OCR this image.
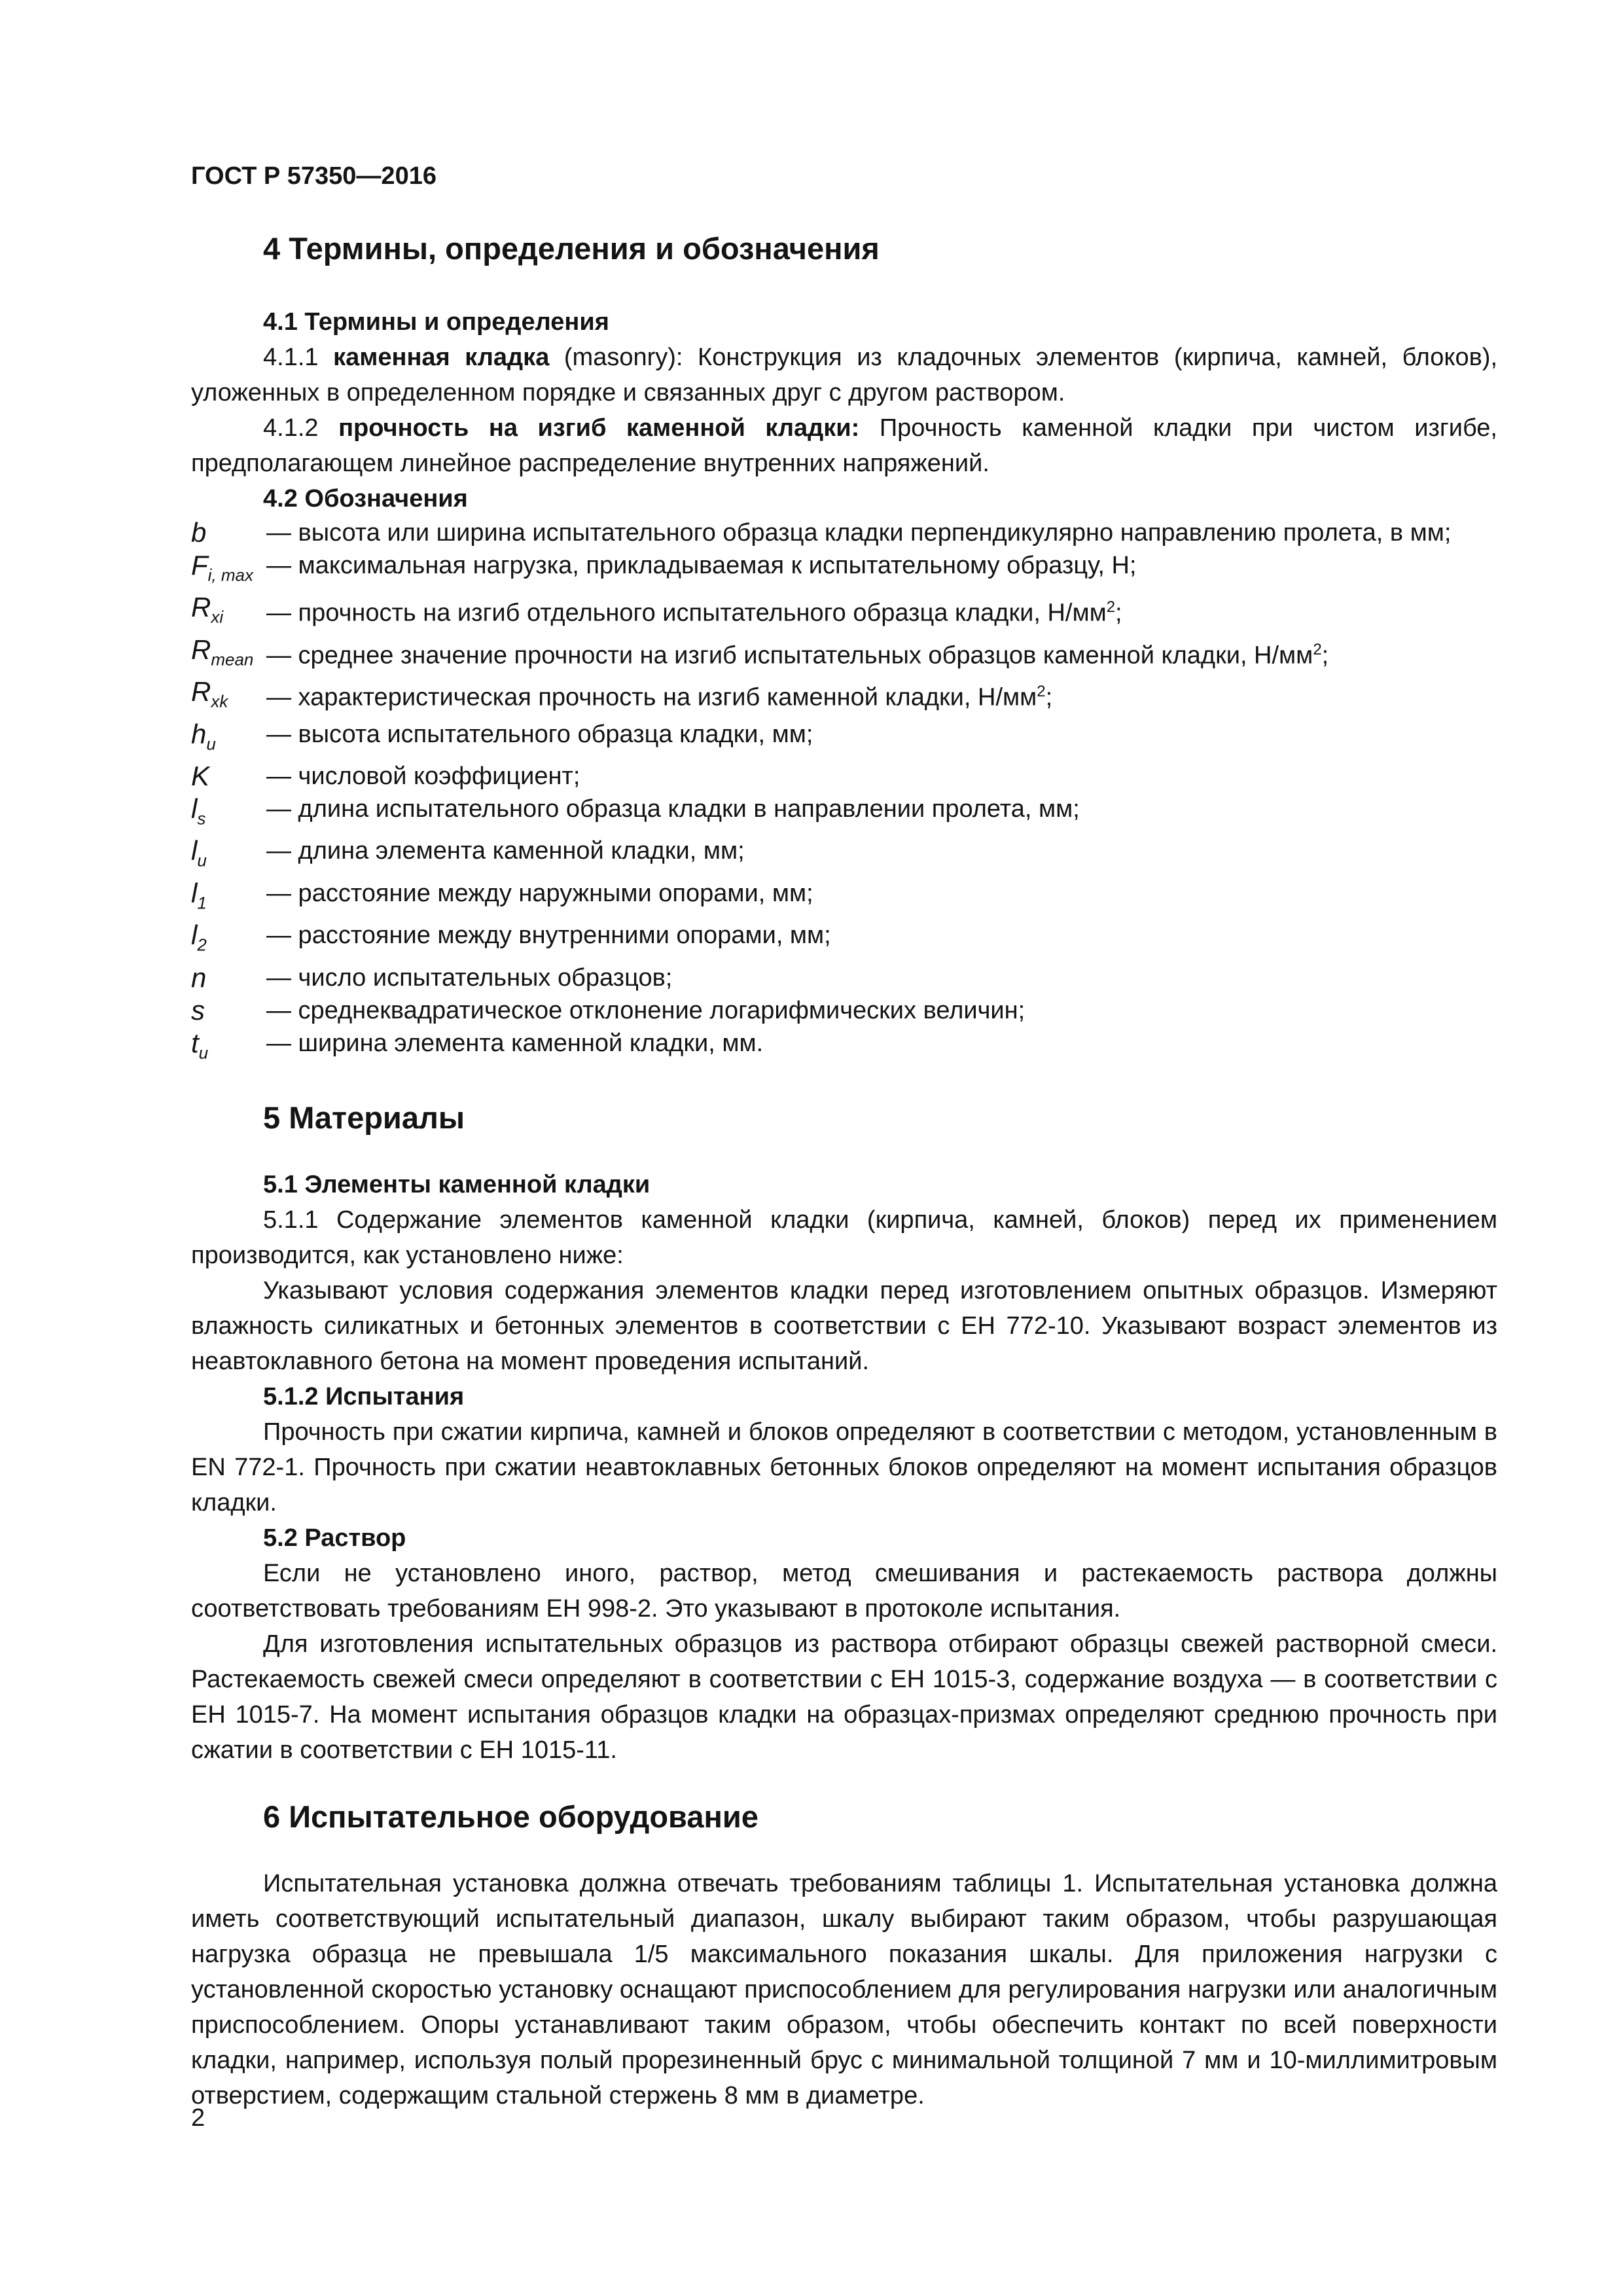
ГОСТ Р 57350—2016
4 Термины, определения и обозначения
4.1 Термины и определения

4.1.1 каменная кладка (masonry): Конструкция из кладочных элементов (кирпича, камней, блоков), уложенных в определенном порядке и связанных друг с другом раствором.

4.1.2 прочность на изгиб каменной кладки: Прочность каменной кладки при чистом изгибе, предполагающем линейное распределение внутренних напряжений.

4.2 Обозначения
b	— высота или ширина испытательного образца кладки перпендикулярно направлению пролета, в мм;
$F_{i, max}$ — максимальная нагрузка, прикладываемая к испытательному образцу, Н;
$R_{xi}$	— прочность на изгиб отдельного испытательного образца кладки, $Н/мм^2$;
$R_{mean}$ — среднее значение прочности на изгиб испытательных образцов каменной кладки, $Н/мм^2$;
$R_{xk}$	— характеристическая прочность на изгиб каменной кладки, $Н/мм^2$;
$h_u$	— высота испытательного образца кладки, мм;
K	— числовой коэффициент;
$l_s$	— длина испытательного образца кладки в направлении пролета, мм;
$l_u$	— длина элемента каменной кладки, мм;
$l_1$	— расстояние между наружными опорами, мм;
$l_2$	— расстояние между внутренними опорами, мм;
n	— число испытательных образцов;
s	— среднеквадратическое отклонение логарифмических величин;
$t_u$	— ширина элемента каменной кладки, мм.
5 Материалы
5.1 Элементы каменной кладки

5.1.1 Содержание элементов каменной кладки (кирпича, камней, блоков) перед их применением производится, как установлено ниже:

Указывают условия содержания элементов кладки перед изготовлением опытных образцов. Измеряют влажность силикатных и бетонных элементов в соответствии с ЕН 772-10. Указывают возраст элементов из неавтоклавного бетона на момент проведения испытаний.

5.1.2 Испытания

Прочность при сжатии кирпича, камней и блоков определяют в соответствии с методом, установленным в EN 772-1. Прочность при сжатии неавтоклавных бетонных блоков определяют на момент испытания образцов кладки.

5.2 Раствор

Если не установлено иного, раствор, метод смешивания и растекаемость раствора должны соответствовать требованиям ЕН 998-2. Это указывают в протоколе испытания.

Для изготовления испытательных образцов из раствора отбирают образцы свежей растворной смеси. Растекаемость свежей смеси определяют в соответствии с ЕН 1015-3, содержание воздуха — в соответствии с ЕН 1015-7. На момент испытания образцов кладки на образцах-призмах определяют среднюю прочность при сжатии в соответствии с ЕН 1015-11.

6 Испытательное оборудование

Испытательная установка должна отвечать требованиям таблицы 1. Испытательная установка должна иметь соответствующий испытательный диапазон, шкалу выбирают таким образом, чтобы разрушающая нагрузка образца не превышала 1/5 максимального показания шкалы. Для приложения нагрузки с установленной скоростью установку оснащают приспособлением для регулирования нагрузки или аналогичным приспособлением. Опоры устанавливают таким образом, чтобы обеспечить контакт по всей поверхности кладки, например, используя полый прорезиненный брус с минимальной толщиной 7 мм и 10-миллимитровым отверстием, содержащим стальной стержень 8 мм в диаметре.

2
